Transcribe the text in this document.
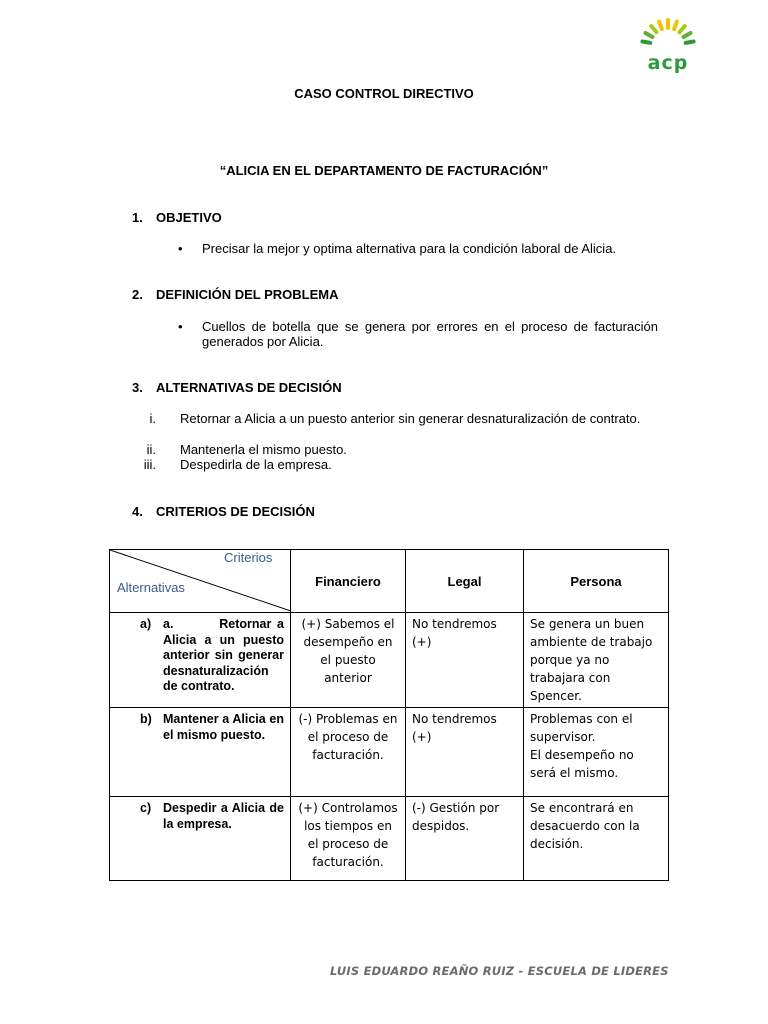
acp
CASO CONTROL DIRECTIVO
“ALICIA EN EL DEPARTAMENTO DE FACTURACIÓN”
1. OBJETIVO
• Precisar la mejor y optima alternativa para la condición laboral de Alicia.
2. DEFINICIÓN DEL PROBLEMA
• Cuellos de botella que se genera por errores en el proceso de facturación generados por Alicia.
3. ALTERNATIVAS DE DECISIÓN
i. Retornar a Alicia a un puesto anterior sin generar desnaturalización de contrato.
ii. Mantenerla el mismo puesto.
iii. Despedirla de la empresa.
4. CRITERIOS DE DECISIÓN
Criterios
Alternativas	Financiero	Legal	Persona

a) a.        Retornar a Alicia a un puesto anterior sin generar desnaturalización de contrato.	(+) Sabemos el desempeño en el puesto anterior	No tendremos (+)	Se genera un buen ambiente de trabajo porque ya no trabajara con Spencer.

b) Mantener a Alicia en el mismo puesto.	(-) Problemas en el proceso de facturación.	No tendremos (+)	Problemas con el supervisor.
El desempeño no será el mismo.

c) Despedir a Alicia de la empresa.	(+) Controlamos los tiempos en el proceso de facturación.	(-) Gestión por despidos.	Se encontrará en desacuerdo con la decisión.
LUIS EDUARDO REAÑO RUIZ - ESCUELA DE LIDERES
